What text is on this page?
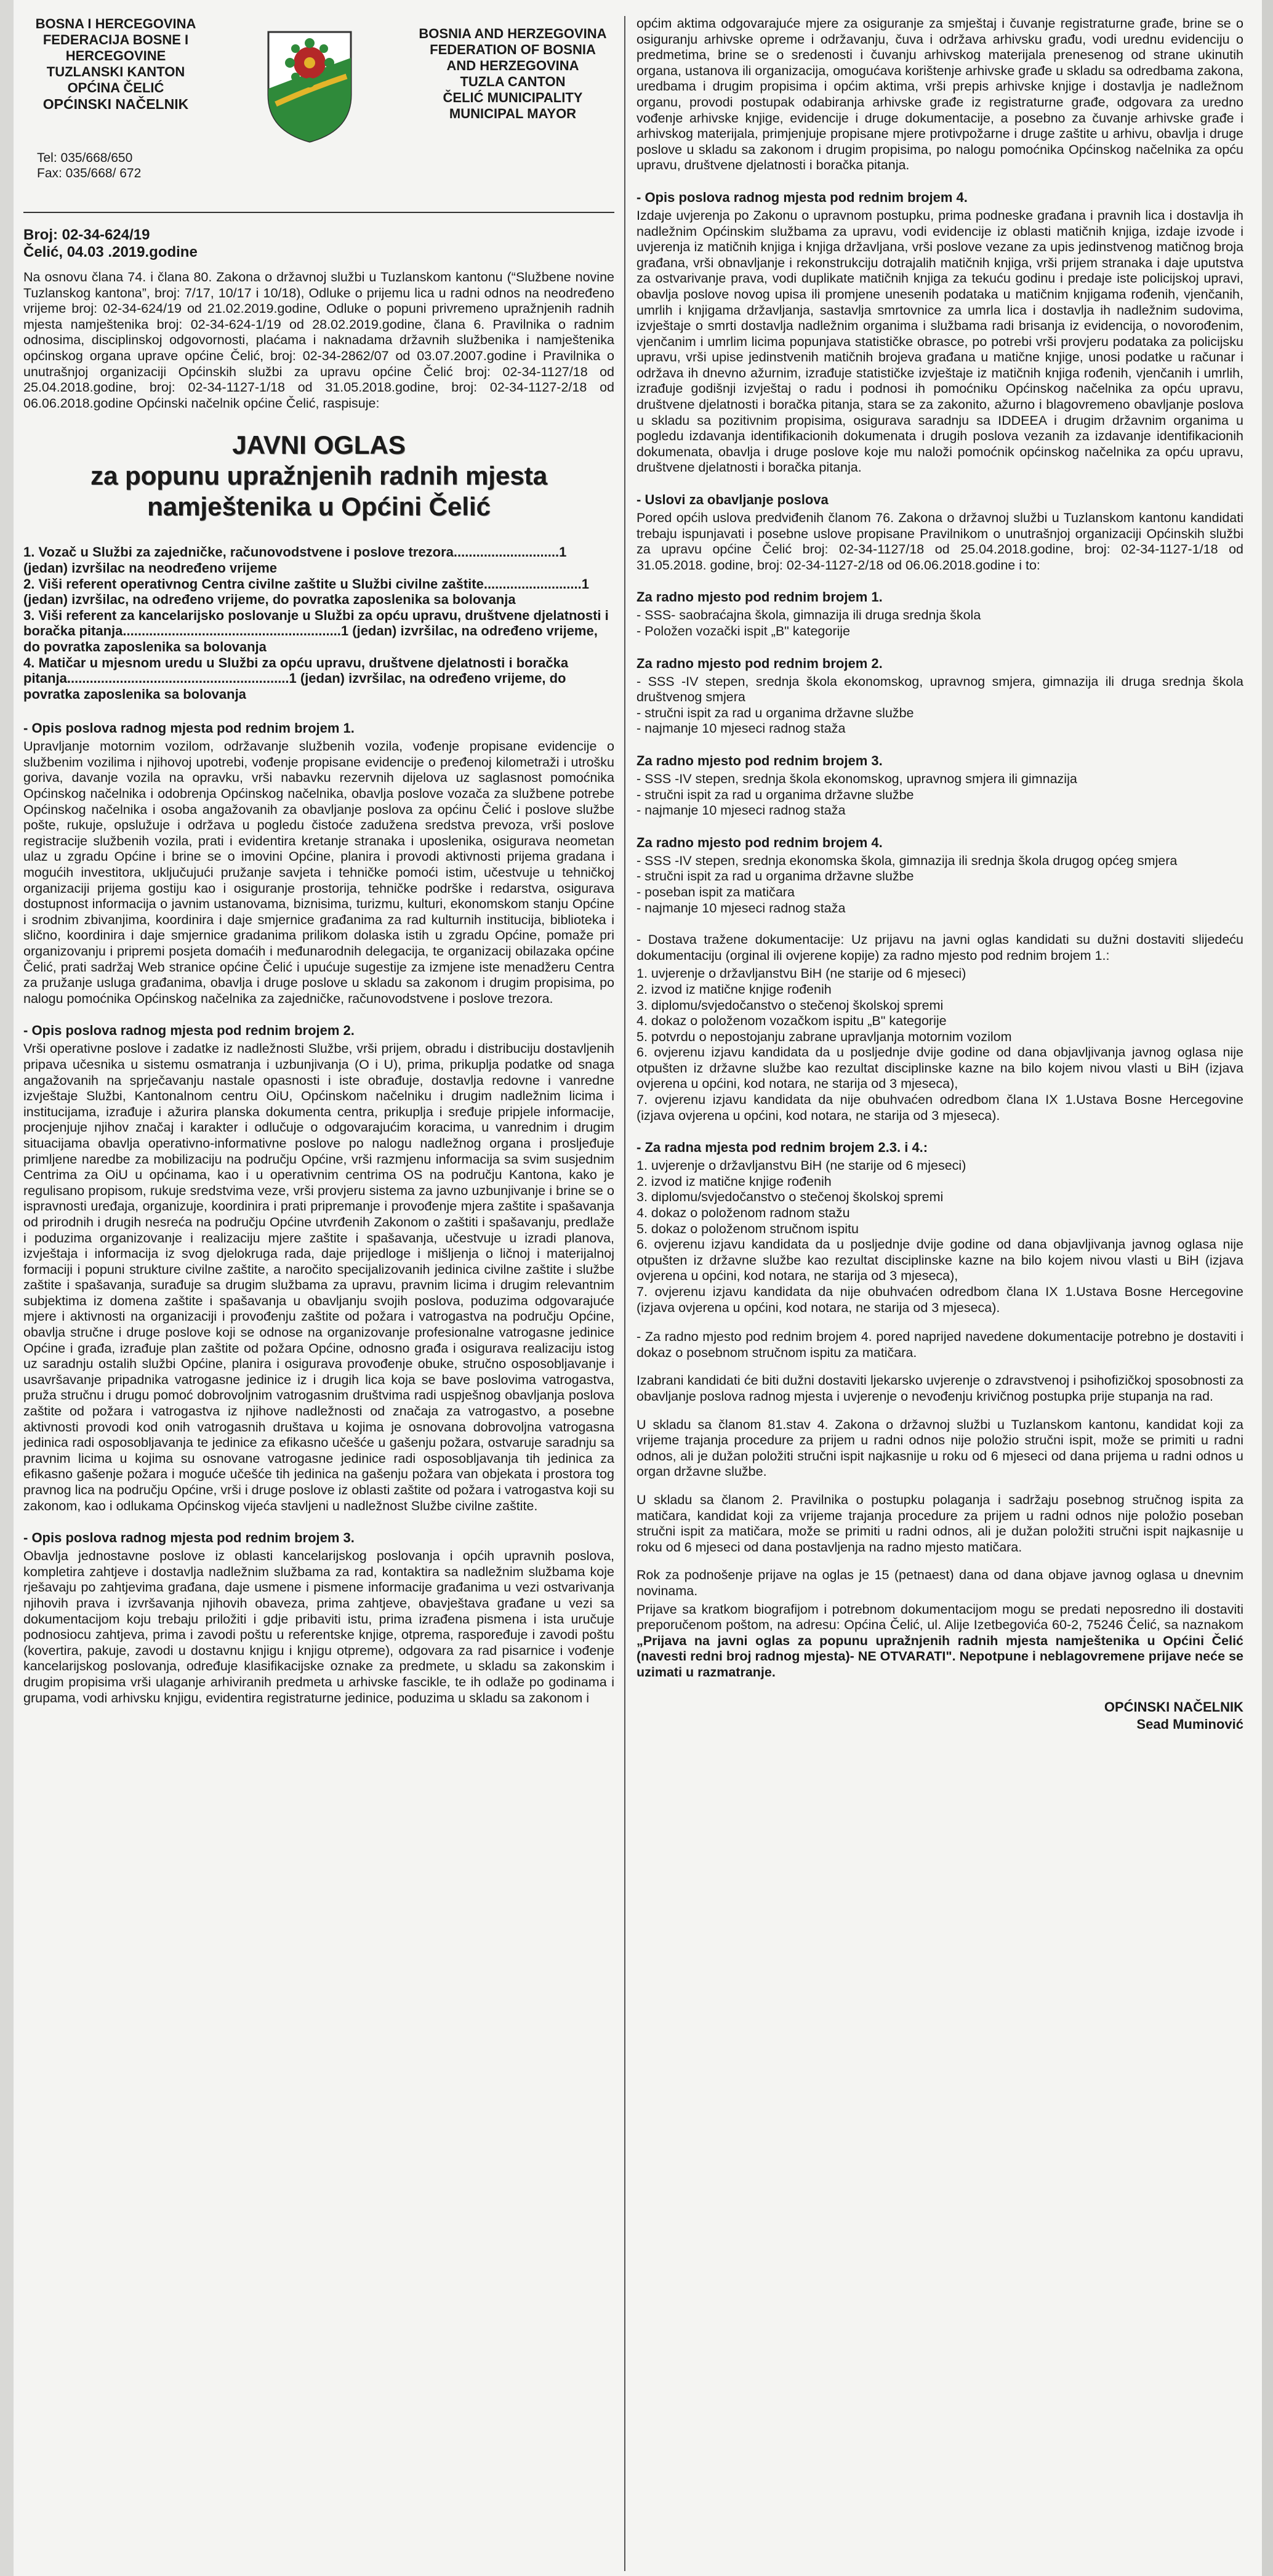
BOSNA I HERCEGOVINA
FEDERACIJA BOSNE I
HERCEGOVINE
TUZLANSKI KANTON
OPĆINA ČELIĆ
OPĆINSKI NAČELNIK
BOSNIA AND HERZEGOVINA
FEDERATION OF BOSNIA
AND HERZEGOVINA
TUZLA CANTON
ČELIĆ MUNICIPALITY
MUNICIPAL MAYOR
Tel: 035/668/650
Fax: 035/668/ 672
Broj: 02-34-624/19
Čelić, 04.03 .2019.godine

Na osnovu člana 74. i člana 80. Zakona o državnoj službi u Tuzlanskom kantonu (“Službene novine Tuzlanskog kantona”, broj: 7/17, 10/17 i 10/18), Odluke o prijemu lica u radni odnos na neodređeno vrijeme broj: 02-34-624/19 od 21.02.2019.godine, Odluke o popuni privremeno upražnjenih radnih mjesta namještenika broj: 02-34-624-1/19 od 28.02.2019.godine, člana 6. Pravilnika o radnim odnosima, disciplinskoj odgovornosti, plaćama i naknadama državnih službenika i namještenika općinskog organa uprave općine Čelić, broj: 02-34-2862/07 od 03.07.2007.godine i Pravilnika o unutrašnjoj organizaciji Općinskih službi za upravu općine Čelić broj: 02-34-1127/18 od 25.04.2018.godine, broj: 02-34-1127-1/18 od 31.05.2018.godine, broj: 02-34-1127-2/18 od 06.06.2018.godine Općinski načelnik općine Čelić, raspisuje:

JAVNI OGLAS
za popunu upražnjenih radnih mjesta
namještenika u Općini Čelić

1. Vozač u Službi za zajedničke, računovodstvene i poslove trezora............................1 (jedan) izvršilac na neodređeno vrijeme

2. Viši referent operativnog Centra civilne zaštite u Službi civilne zaštite..........................1 (jedan) izvršilac, na određeno vrijeme, do povratka zaposlenika sa bolovanja

3. Viši referent za kancelarijsko poslovanje u Službi za opću upravu, društvene djelatnosti i boračka pitanja..........................................................1 (jedan) izvršilac, na određeno vrijeme, do povratka zaposlenika sa bolovanja

4. Matičar u mjesnom uredu u Službi za opću upravu, društvene djelatnosti i boračka pitanja...........................................................1 (jedan) izvršilac, na određeno vrijeme, do povratka zaposlenika sa bolovanja

- Opis poslova radnog mjesta pod rednim brojem 1.

Upravljanje motornim vozilom, održavanje službenih vozila, vođenje propisane evidencije o službenim vozilima i njihovoj upotrebi, vođenje propisane evidencije o pređenoj kilometraži i utrošku goriva, davanje vozila na opravku, vrši nabavku rezervnih dijelova uz saglasnost pomoćnika Općinskog načelnika i odobrenja Općinskog načelnika, obavlja poslove vozača za službene potrebe Općinskog načelnika i osoba angažovanih za obavljanje poslova za općinu Čelić i poslove službe pošte, rukuje, opslužuje i održava u pogledu čistoće zadužena sredstva prevoza, vrši poslove registracije službenih vozila, prati i evidentira kretanje stranaka i uposlenika, osigurava neometan ulaz u zgradu Općine i brine se o imovini Općine, planira i provodi aktivnosti prijema gradana i mogućih investitora, uključujući pružanje savjeta i tehničke pomoći istim, učestvuje u tehničkoj organizaciji prijema gostiju kao i osiguranje prostorija, tehničke podrške i redarstva, osigurava dostupnost informacija o javnim ustanovama, biznisima, turizmu, kulturi, ekonomskom stanju Općine i srodnim zbivanjima, koordinira i daje smjernice građanima za rad kulturnih institucija, biblioteka i slično, koordinira i daje smjernice gradanima prilikom dolaska istih u zgradu Općine, pomaže pri organizovanju i pripremi posjeta domaćih i međunarodnih delegacija, te organizacij obilazaka općine Čelić, prati sadržaj Web stranice općine Čelić i upućuje sugestije za izmjene iste menadžeru Centra za pružanje usluga građanima, obavlja i druge poslove u skladu sa zakonom i drugim propisima, po nalogu pomoćnika Općinskog načelnika za zajedničke, računovodstvene i poslove trezora.

- Opis poslova radnog mjesta pod rednim brojem 2.

Vrši operativne poslove i zadatke iz nadležnosti Službe, vrši prijem, obradu i distribuciju dostavljenih pripava učesnika u sistemu osmatranja i uzbunjivanja (O i U), prima, prikuplja podatke od snaga angažovanih na sprječavanju nastale opasnosti i iste obrađuje, dostavlja redovne i vanredne izvještaje Službi, Kantonalnom centru OiU, Općinskom načelniku i drugim nadležnim licima i institucijama, izrađuje i ažurira planska dokumenta centra, prikuplja i sređuje pripjele informacije, procjenjuje njihov značaj i karakter i odlučuje o odgovarajućim koracima, u vanrednim i drugim situacijama obavlja operativno-informativne poslove po nalogu nadležnog organa i prosljeđuje primljene naredbe za mobilizaciju na području Općine, vrši razmjenu informacija sa svim susjednim Centrima za OiU u općinama, kao i u operativnim centrima OS na području Kantona, kako je regulisano propisom, rukuje sredstvima veze, vrši provjeru sistema za javno uzbunjivanje i brine se o ispravnosti uređaja, organizuje, koordinira i prati pripremanje i provođenje mjera zaštite i spašavanja od prirodnih i drugih nesreća na području Općine utvrđenih Zakonom o zaštiti i spašavanju, predlaže i poduzima organizovanje i realizaciju mjere zaštite i spašavanja, učestvuje u izradi planova, izvještaja i informacija iz svog djelokruga rada, daje prijedloge i mišljenja o ličnoj i materijalnoj formaciji i popuni strukture civilne zaštite, a naročito specijalizovanih jedinica civilne zaštite i službe zaštite i spašavanja, surađuje sa drugim službama za upravu, pravnim licima i drugim relevantnim subjektima iz domena zaštite i spašavanja u obavljanju svojih poslova, poduzima odgovarajuće mjere i aktivnosti na organizaciji i provođenju zaštite od požara i vatrogastva na području Općine, obavlja stručne i druge poslove koji se odnose na organizovanje profesionalne vatrogasne jedinice Općine i građa, izrađuje plan zaštite od požara Općine, odnosno građa i osigurava realizaciju istog uz saradnju ostalih službi Općine, planira i osigurava provođenje obuke, stručno osposobljavanje i usavršavanje pripadnika vatrogasne jedinice iz i drugih lica koja se bave poslovima vatrogastva, pruža stručnu i drugu pomoć dobrovoljnim vatrogasnim društvima radi uspješnog obavljanja poslova zaštite od požara i vatrogastva iz njihove nadležnosti od značaja za vatrogastvo, a posebne aktivnosti provodi kod onih vatrogasnih društava u kojima je osnovana dobrovoljna vatrogasna jedinica radi osposobljavanja te jedinice za efikasno učešće u gašenju požara, ostvaruje saradnju sa pravnim licima u kojima su osnovane vatrogasne jedinice radi osposobljavanja tih jedinica za efikasno gašenje požara i moguće učešće tih jedinica na gašenju požara van objekata i prostora tog pravnog lica na području Općine, vrši i druge poslove iz oblasti zaštite od požara i vatrogastva koji su zakonom, kao i odlukama Općinskog vijeća stavljeni u nadležnost Službe civilne zaštite.

- Opis poslova radnog mjesta pod rednim brojem 3.

Obavlja jednostavne poslove iz oblasti kancelarijskog poslovanja i općih upravnih poslova, kompletira zahtjeve i dostavlja nadležnim službama za rad, kontaktira sa nadležnim službama koje rješavaju po zahtjevima građana, daje usmene i pismene informacije građanima u vezi ostvarivanja njihovih prava i izvršavanja njihovih obaveza, prima zahtjeve, obavještava građane u vezi sa dokumentacijom koju trebaju priložiti i gdje pribaviti istu, prima izrađena pismena i ista uručuje podnosiocu zahtjeva, prima i zavodi poštu u referentske knjige, otprema, raspoređuje i zavodi poštu (kovertira, pakuje, zavodi u dostavnu knjigu i knjigu otpreme), odgovara za rad pisarnice i vođenje kancelarijskog poslovanja, određuje klasifikacijske oznake za predmete, u skladu sa zakonskim i drugim propisima vrši ulaganje arhiviranih predmeta u arhivske fascikle, te ih odlaže po godinama i grupama, vodi arhivsku knjigu, evidentira registraturne jedinice, poduzima u skladu sa zakonom i

općim aktima odgovarajuće mjere za osiguranje za smještaj i čuvanje registraturne građe, brine se o osiguranju arhivske opreme i održavanju, čuva i održava arhivsku građu, vodi urednu evidenciju o predmetima, brine se o sredenosti i čuvanju arhivskog materijala prenesenog od strane ukinutih organa, ustanova ili organizacija, omogućava korištenje arhivske građe u skladu sa odredbama zakona, uredbama i drugim propisima i općim aktima, vrši prepis arhivske knjige i dostavlja je nadležnom organu, provodi postupak odabiranja arhivske građe iz registraturne građe, odgovara za uredno vođenje arhivske knjige, evidencije i druge dokumentacije, a posebno za čuvanje arhivske građe i arhivskog materijala, primjenjuje propisane mjere protivpožarne i druge zaštite u arhivu, obavlja i druge poslove u skladu sa zakonom i drugim propisima, po nalogu pomoćnika Općinskog načelnika za opću upravu, društvene djelatnosti i boračka pitanja.

- Opis poslova radnog mjesta pod rednim brojem 4.

Izdaje uvjerenja po Zakonu o upravnom postupku, prima podneske građana i pravnih lica i dostavlja ih nadležnim Općinskim službama za upravu, vodi evidencije iz oblasti matičnih knjiga, izdaje izvode i uvjerenja iz matičnih knjiga i knjiga državljana, vrši poslove vezane za upis jedinstvenog matičnog broja građana, vrši obnavljanje i rekonstrukciju dotrajalih matičnih knjiga, vrši prijem stranaka i daje uputstva za ostvarivanje prava, vodi duplikate matičnih knjiga za tekuću godinu i predaje iste policijskoj upravi, obavlja poslove novog upisa ili promjene unesenih podataka u matičnim knjigama rođenih, vjenčanih, umrlih i knjigama državljanja, sastavlja smrtovnice za umrla lica i dostavlja ih nadležnim sudovima, izvještaje o smrti dostavlja nadležnim organima i službama radi brisanja iz evidencija, o novorođenim, vjenčanim i umrlim licima popunjava statističke obrasce, po potrebi vrši provjeru podataka za policijsku upravu, vrši upise jedinstvenih matičnih brojeva građana u matične knjige, unosi podatke u računar i održava ih dnevno ažurnim, izrađuje statističke izvještaje iz matičnih knjiga rođenih, vjenčanih i umrlih, izrađuje godišnji izvještaj o radu i podnosi ih pomoćniku Općinskog načelnika za opću upravu, društvene djelatnosti i boračka pitanja, stara se za zakonito, ažurno i blagovremeno obavljanje poslova u skladu sa pozitivnim propisima, osigurava saradnju sa IDDEEA i drugim državnim organima u pogledu izdavanja identifikacionih dokumenata i drugih poslova vezanih za izdavanje identifikacionih dokumenata, obavlja i druge poslove koje mu naloži pomoćnik općinskog načelnika za opću upravu, društvene djelatnosti i boračka pitanja.

- Uslovi za obavljanje poslova

Pored općih uslova predviđenih članom 76. Zakona o državnoj službi u Tuzlanskom kantonu kandidati trebaju ispunjavati i posebne uslove propisane Pravilnikom o unutrašnjoj organizaciji Općinskih službi za upravu općine Čelić broj: 02-34-1127/18 od 25.04.2018.godine, broj: 02-34-1127-1/18 od 31.05.2018. godine, broj: 02-34-1127-2/18 od 06.06.2018.godine i to:

Za radno mjesto pod rednim brojem 1.

- SSS- saobraćajna škola, gimnazija ili druga srednja škola

- Položen vozački ispit „B" kategorije

Za radno mjesto pod rednim brojem 2.

- SSS -IV stepen, srednja škola ekonomskog, upravnog smjera, gimnazija ili druga srednja škola društvenog smjera

- stručni ispit za rad u organima državne službe

- najmanje 10 mjeseci radnog staža

Za radno mjesto pod rednim brojem 3.

- SSS -IV stepen, srednja škola ekonomskog, upravnog smjera ili gimnazija

- stručni ispit za rad u organima državne službe

- najmanje 10 mjeseci radnog staža

Za radno mjesto pod rednim brojem 4.

- SSS -IV stepen, srednja ekonomska škola, gimnazija ili srednja škola drugog općeg smjera

- stručni ispit za rad u organima državne službe

- poseban ispit za matičara

- najmanje 10 mjeseci radnog staža

- Dostava tražene dokumentacije: Uz prijavu na javni oglas kandidati su dužni dostaviti slijedeću dokumentaciju (orginal ili ovjerene kopije) za radno mjesto pod rednim brojem 1.:

1. uvjerenje o državljanstvu BiH (ne starije od 6 mjeseci)

2. izvod iz matične knjige rođenih

3. diplomu/svjedočanstvo o stečenoj školskoj spremi

4. dokaz o položenom vozačkom ispitu „B" kategorije

5. potvrdu o nepostojanju zabrane upravljanja motornim vozilom

6. ovjerenu izjavu kandidata da u posljednje dvije godine od dana objavljivanja javnog oglasa nije otpušten iz državne službe kao rezultat disciplinske kazne na bilo kojem nivou vlasti u BiH (izjava ovjerena u općini, kod notara, ne starija od 3 mjeseca),

7. ovjerenu izjavu kandidata da nije obuhvaćen odredbom člana IX 1.Ustava Bosne Hercegovine (izjava ovjerena u općini, kod notara, ne starija od 3 mjeseca).

- Za radna mjesta pod rednim brojem 2.3. i 4.:

1. uvjerenje o državljanstvu BiH (ne starije od 6 mjeseci)

2. izvod iz matične knjige rođenih

3. diplomu/svjedočanstvo o stečenoj školskoj spremi

4. dokaz o položenom radnom stažu

5. dokaz o položenom stručnom ispitu

6. ovjerenu izjavu kandidata da u posljednje dvije godine od dana objavljivanja javnog oglasa nije otpušten iz državne službe kao rezultat disciplinske kazne na bilo kojem nivou vlasti u BiH (izjava ovjerena u općini, kod notara, ne starija od 3 mjeseca),

7. ovjerenu izjavu kandidata da nije obuhvaćen odredbom člana IX 1.Ustava Bosne Hercegovine (izjava ovjerena u općini, kod notara, ne starija od 3 mjeseca).

- Za radno mjesto pod rednim brojem 4. pored naprijed navedene dokumentacije potrebno je dostaviti i dokaz o posebnom stručnom ispitu za matičara.

Izabrani kandidati će biti dužni dostaviti ljekarsko uvjerenje o zdravstvenoj i psihofizičkoj sposobnosti za obavljanje poslova radnog mjesta i uvjerenje o nevođenju krivičnog postupka prije stupanja na rad.

U skladu sa članom 81.stav 4. Zakona o državnoj službi u Tuzlanskom kantonu, kandidat koji za vrijeme trajanja procedure za prijem u radni odnos nije položio stručni ispit, može se primiti u radni odnos, ali je dužan položiti stručni ispit najkasnije u roku od 6 mjeseci od dana prijema u radni odnos u organ državne službe.

U skladu sa članom 2. Pravilnika o postupku polaganja i sadržaju posebnog stručnog ispita za matičara, kandidat koji za vrijeme trajanja procedure za prijem u radni odnos nije položio poseban stručni ispit za matičara, može se primiti u radni odnos, ali je dužan položiti stručni ispit najkasnije u roku od 6 mjeseci od dana postavljenja na radno mjesto matičara.

Rok za podnošenje prijave na oglas je 15 (petnaest) dana od dana objave javnog oglasa u dnevnim novinama.

Prijave sa kratkom biografijom i potrebnom dokumentacijom mogu se predati neposredno ili dostaviti preporučenom poštom, na adresu: Općina Čelić, ul. Alije Izetbegovića 60-2, 75246 Čelić, sa naznakom „Prijava na javni oglas za popunu upražnjenih radnih mjesta namještenika u Općini Čelić (navesti redni broj radnog mjesta)- NE OTVARATI". Nepotpune i neblagovremene prijave neće se uzimati u razmatranje.

OPĆINSKI NAČELNIK
Sead Muminović
